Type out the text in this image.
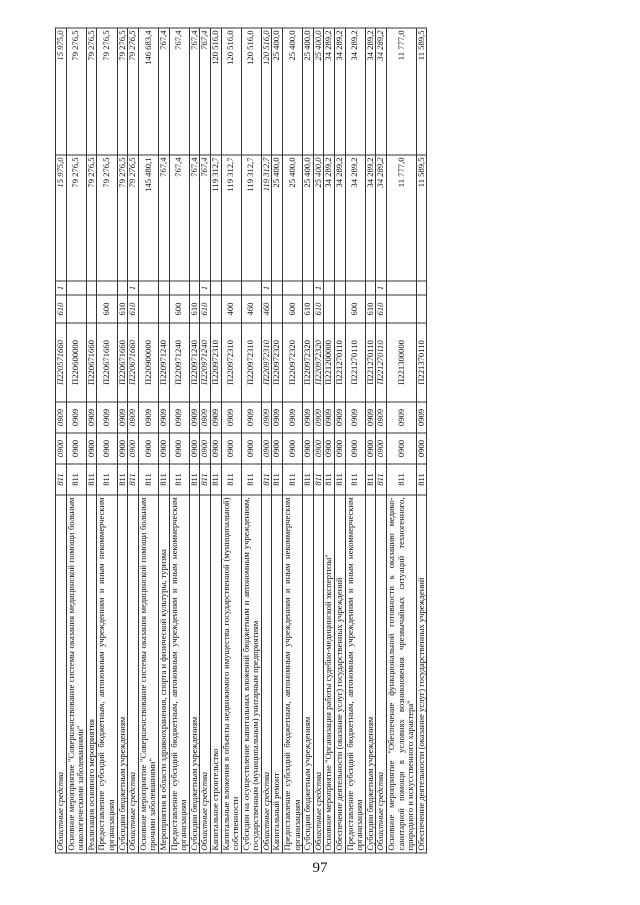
97
Областные средства	811	0900	0909	П220571660	610	1	15 975,0	15 975,0
Основное мероприятие "Совершенствование системы оказания медицинской помощи больным онкологическими заболеваниями"	811	0900	0909	П220600000			79 276,5	79 276,5
Реализация основного мероприятия	811	0900	0909	П220671660			79 276,5	79 276,5
Предоставление субсидий бюджетным, автономным учреждениям и иным некоммерческим организациям	811	0900	0909	П220671660	600		79 276,5	79 276,5
Субсидии бюджетным учреждениям	811	0900	0909	П220671660	610		79 276,5	79 276,5
Областные средства	811	0900	0909	П220671660	610	1	79 276,5	79 276,5
Основное мероприятие "Совершенствование системы оказания медицинской помощи больным прочими заболеваниями"	811	0900	0909	П220900000			145 480,1	146 683,4
Мероприятия в области здравоохранения, спорта и физической культуры, туризма	811	0900	0909	П220971240			767,4	767,4
Предоставление субсидий бюджетным, автономным учреждениям и иным некоммерческим организациям	811	0900	0909	П220971240	600		767,4	767,4
Субсидии бюджетным учреждениям	811	0900	0909	П220971240	610		767,4	767,4
Областные средства	811	0900	0909	П220971240	610	1	767,4	767,4
Капитальное строительство	811	0900	0909	П220972310			119 312,7	120 516,0
Капитальные вложения в объекты недвижимого имущества государственной (муниципальной) собственности	811	0900	0909	П220972310	400		119 312,7	120 516,0
Субсидии на осуществление капитальных вложений бюджетным и автономным учреждениям, государственным (муниципальным) унитарным предприятиям	811	0900	0909	П220972310	460		119 312,7	120 516,0
Областные средства	811	0900	0909	П220972310	460	1	119 312,7	120 516,0
Капитальный ремонт	811	0900	0909	П220972320			25 400,0	25 400,0
Предоставление субсидий бюджетным, автономным учреждениям и иным некоммерческим организациям	811	0900	0909	П220972320	600		25 400,0	25 400,0
Субсидии бюджетным учреждениям	811	0900	0909	П220972320	610		25 400,0	25 400,0
Областные средства	811	0900	0909	П220972320	610	1	25 400,0	25 400,0
Основное мероприятие "Организация работы судебно-медицинской экспертизы"	811	0900	0909	П221200000			34 289,2	34 289,2
Обеспечение деятельности (оказание услуг) государственных учреждений	811	0900	0909	П221270110			34 289,2	34 289,2
Предоставление субсидий бюджетным, автономным учреждениям и иным некоммерческим организациям	811	0900	0909	П221270110	600		34 289,2	34 289,2
Субсидии бюджетным учреждениям	811	0900	0909	П221270110	610		34 289,2	34 289,2
Областные средства	811	0900	0909	П221270110	610	1	34 289,2	34 289,2
Основное мероприятие "Обеспечение функциональной готовности к оказанию медико-санитарной помощи в условиях возникновения чрезвычайных ситуаций техногенного, природного и искусственного характера"	811	0900	0909	П221300000			11 777,0	11 777,0
Обеспечение деятельности (оказание услуг) государственных учреждений	811	0900	0909	П221370110			11 589,5	11 589,5
